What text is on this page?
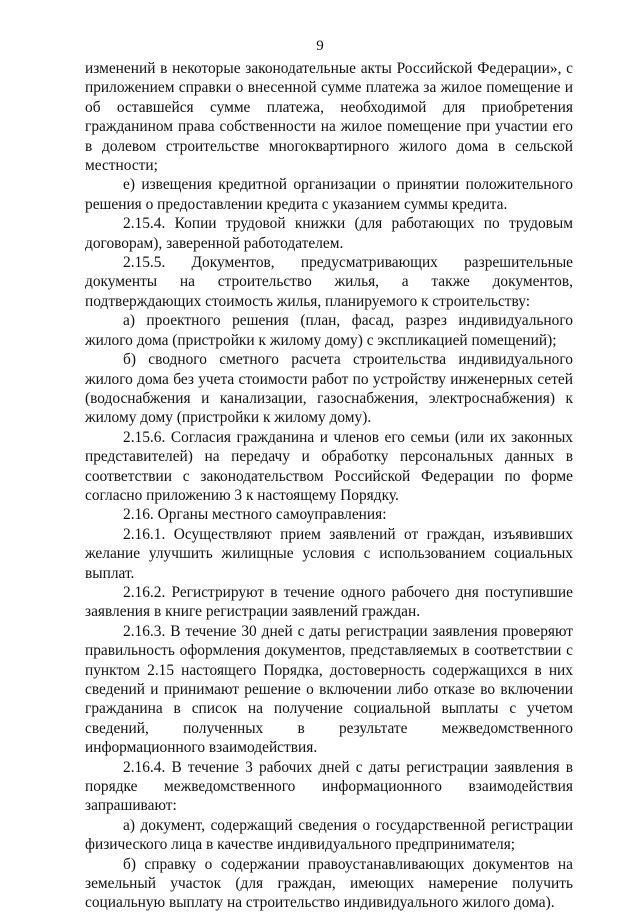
9

изменений в некоторые законодательные акты Российской Федерации», с приложением справки о внесенной сумме платежа за жилое помещение и об оставшейся сумме платежа, необходимой для приобретения гражданином права собственности на жилое помещение при участии его в долевом строительстве многоквартирного жилого дома в сельской местности;

е) извещения кредитной организации о принятии положительного решения о предоставлении кредита с указанием суммы кредита.

2.15.4. Копии трудовой книжки (для работающих по трудовым договорам), заверенной работодателем.

2.15.5. Документов, предусматривающих разрешительные документы на строительство жилья, а также документов, подтверждающих стоимость жилья, планируемого к строительству:

а) проектного решения (план, фасад, разрез индивидуального жилого дома (пристройки к жилому дому) с экспликацией помещений);

б) сводного сметного расчета строительства индивидуального жилого дома без учета стоимости работ по устройству инженерных сетей (водоснабжения и канализации, газоснабжения, электроснабжения) к жилому дому (пристройки к жилому дому).

2.15.6. Согласия гражданина и членов его семьи (или их законных представителей) на передачу и обработку персональных данных в соответствии с законодательством Российской Федерации по форме согласно приложению 3 к настоящему Порядку.

2.16. Органы местного самоуправления:

2.16.1. Осуществляют прием заявлений от граждан, изъявивших желание улучшить жилищные условия с использованием социальных выплат.

2.16.2. Регистрируют в течение одного рабочего дня поступившие заявления в книге регистрации заявлений граждан.

2.16.3. В течение 30 дней с даты регистрации заявления проверяют правильность оформления документов, представляемых в соответствии с пунктом 2.15 настоящего Порядка, достоверность содержащихся в них сведений и принимают решение о включении либо отказе во включении гражданина в список на получение социальной выплаты с учетом сведений, полученных в результате межведомственного информационного взаимодействия.

2.16.4. В течение 3 рабочих дней с даты регистрации заявления в порядке межведомственного информационного взаимодействия запрашивают:

а) документ, содержащий сведения о государственной регистрации физического лица в качестве индивидуального предпринимателя;

б) справку о содержании правоустанавливающих документов на земельный участок (для граждан, имеющих намерение получить социальную выплату на строительство индивидуального жилого дома).
